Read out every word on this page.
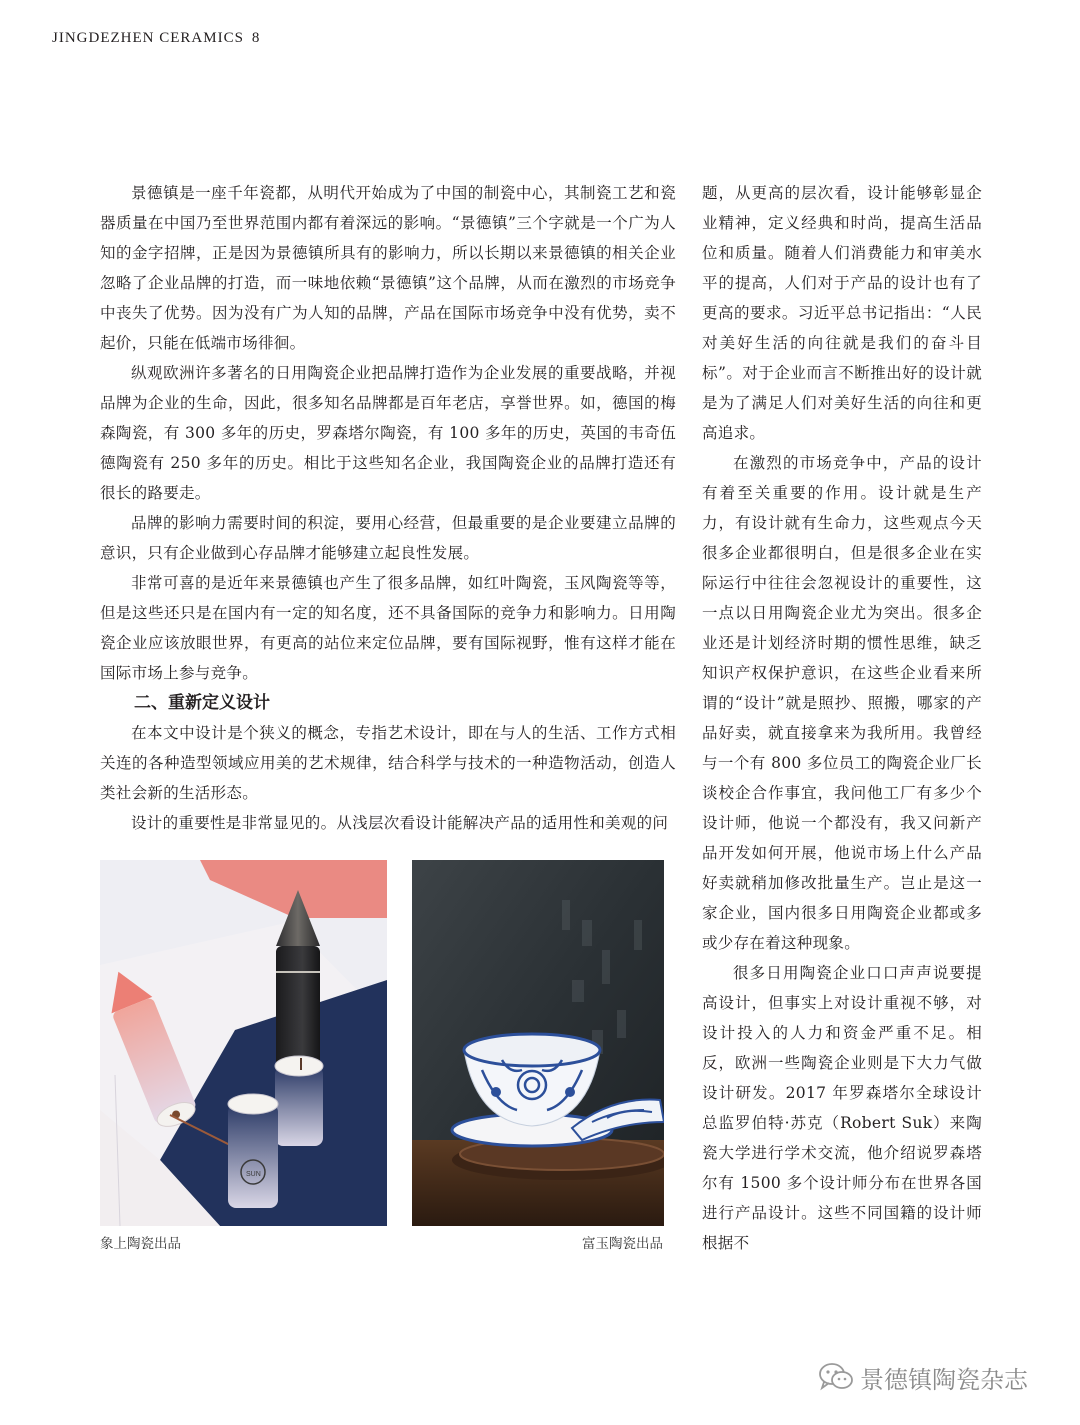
JINGDEZHEN CERAMICS 8

景德镇是一座千年瓷都，从明代开始成为了中国的制瓷中心，其制瓷工艺和瓷器质量在中国乃至世界范围内都有着深远的影响。“景德镇”三个字就是一个广为人知的金字招牌，正是因为景德镇所具有的影响力，所以长期以来景德镇的相关企业忽略了企业品牌的打造，而一味地依赖“景德镇”这个品牌，从而在激烈的市场竞争中丧失了优势。因为没有广为人知的品牌，产品在国际市场竞争中没有优势，卖不起价，只能在低端市场徘徊。

纵观欧洲许多著名的日用陶瓷企业把品牌打造作为企业发展的重要战略，并视品牌为企业的生命，因此，很多知名品牌都是百年老店，享誉世界。如，德国的梅森陶瓷，有 300 多年的历史，罗森塔尔陶瓷，有 100 多年的历史，英国的韦奇伍德陶瓷有 250 多年的历史。相比于这些知名企业，我国陶瓷企业的品牌打造还有很长的路要走。

品牌的影响力需要时间的积淀，要用心经营，但最重要的是企业要建立品牌的意识，只有企业做到心存品牌才能够建立起良性发展。

非常可喜的是近年来景德镇也产生了很多品牌，如红叶陶瓷，玉风陶瓷等等，但是这些还只是在国内有一定的知名度，还不具备国际的竞争力和影响力。日用陶瓷企业应该放眼世界，有更高的站位来定位品牌，要有国际视野，惟有这样才能在国际市场上参与竞争。

二、重新定义设计

在本文中设计是个狭义的概念，专指艺术设计，即在与人的生活、工作方式相关连的各种造型领域应用美的艺术规律，结合科学与技术的一种造物活动，创造人类社会新的生活形态。

设计的重要性是非常显见的。从浅层次看设计能解决产品的适用性和美观的问

题，从更高的层次看，设计能够彰显企业精神，定义经典和时尚，提高生活品位和质量。随着人们消费能力和审美水平的提高，人们对于产品的设计也有了更高的要求。习近平总书记指出：“人民对美好生活的向往就是我们的奋斗目标”。对于企业而言不断推出好的设计就是为了满足人们对美好生活的向往和更高追求。

在激烈的市场竞争中，产品的设计有着至关重要的作用。设计就是生产力，有设计就有生命力，这些观点今天很多企业都很明白，但是很多企业在实际运行中往往会忽视设计的重要性，这一点以日用陶瓷企业尤为突出。很多企业还是计划经济时期的惯性思维，缺乏知识产权保护意识，在这些企业看来所谓的“设计”就是照抄、照搬，哪家的产品好卖，就直接拿来为我所用。我曾经与一个有 800 多位员工的陶瓷企业厂长谈校企合作事宜，我问他工厂有多少个设计师，他说一个都没有，我又问新产品开发如何开展，他说市场上什么产品好卖就稍加修改批量生产。岂止是这一家企业，国内很多日用陶瓷企业都或多或少存在着这种现象。

很多日用陶瓷企业口口声声说要提高设计，但事实上对设计重视不够，对设计投入的人力和资金严重不足。相反，欧洲一些陶瓷企业则是下大力气做设计研发。2017 年罗森塔尔全球设计总监罗伯特·苏克（Robert Suk）来陶瓷大学进行学术交流，他介绍说罗森塔尔有 1500 多个设计师分布在世界各国进行产品设计。这些不同国籍的设计师根据不

SUN
象上陶瓷出品	富玉陶瓷出品
景德镇陶瓷杂志
